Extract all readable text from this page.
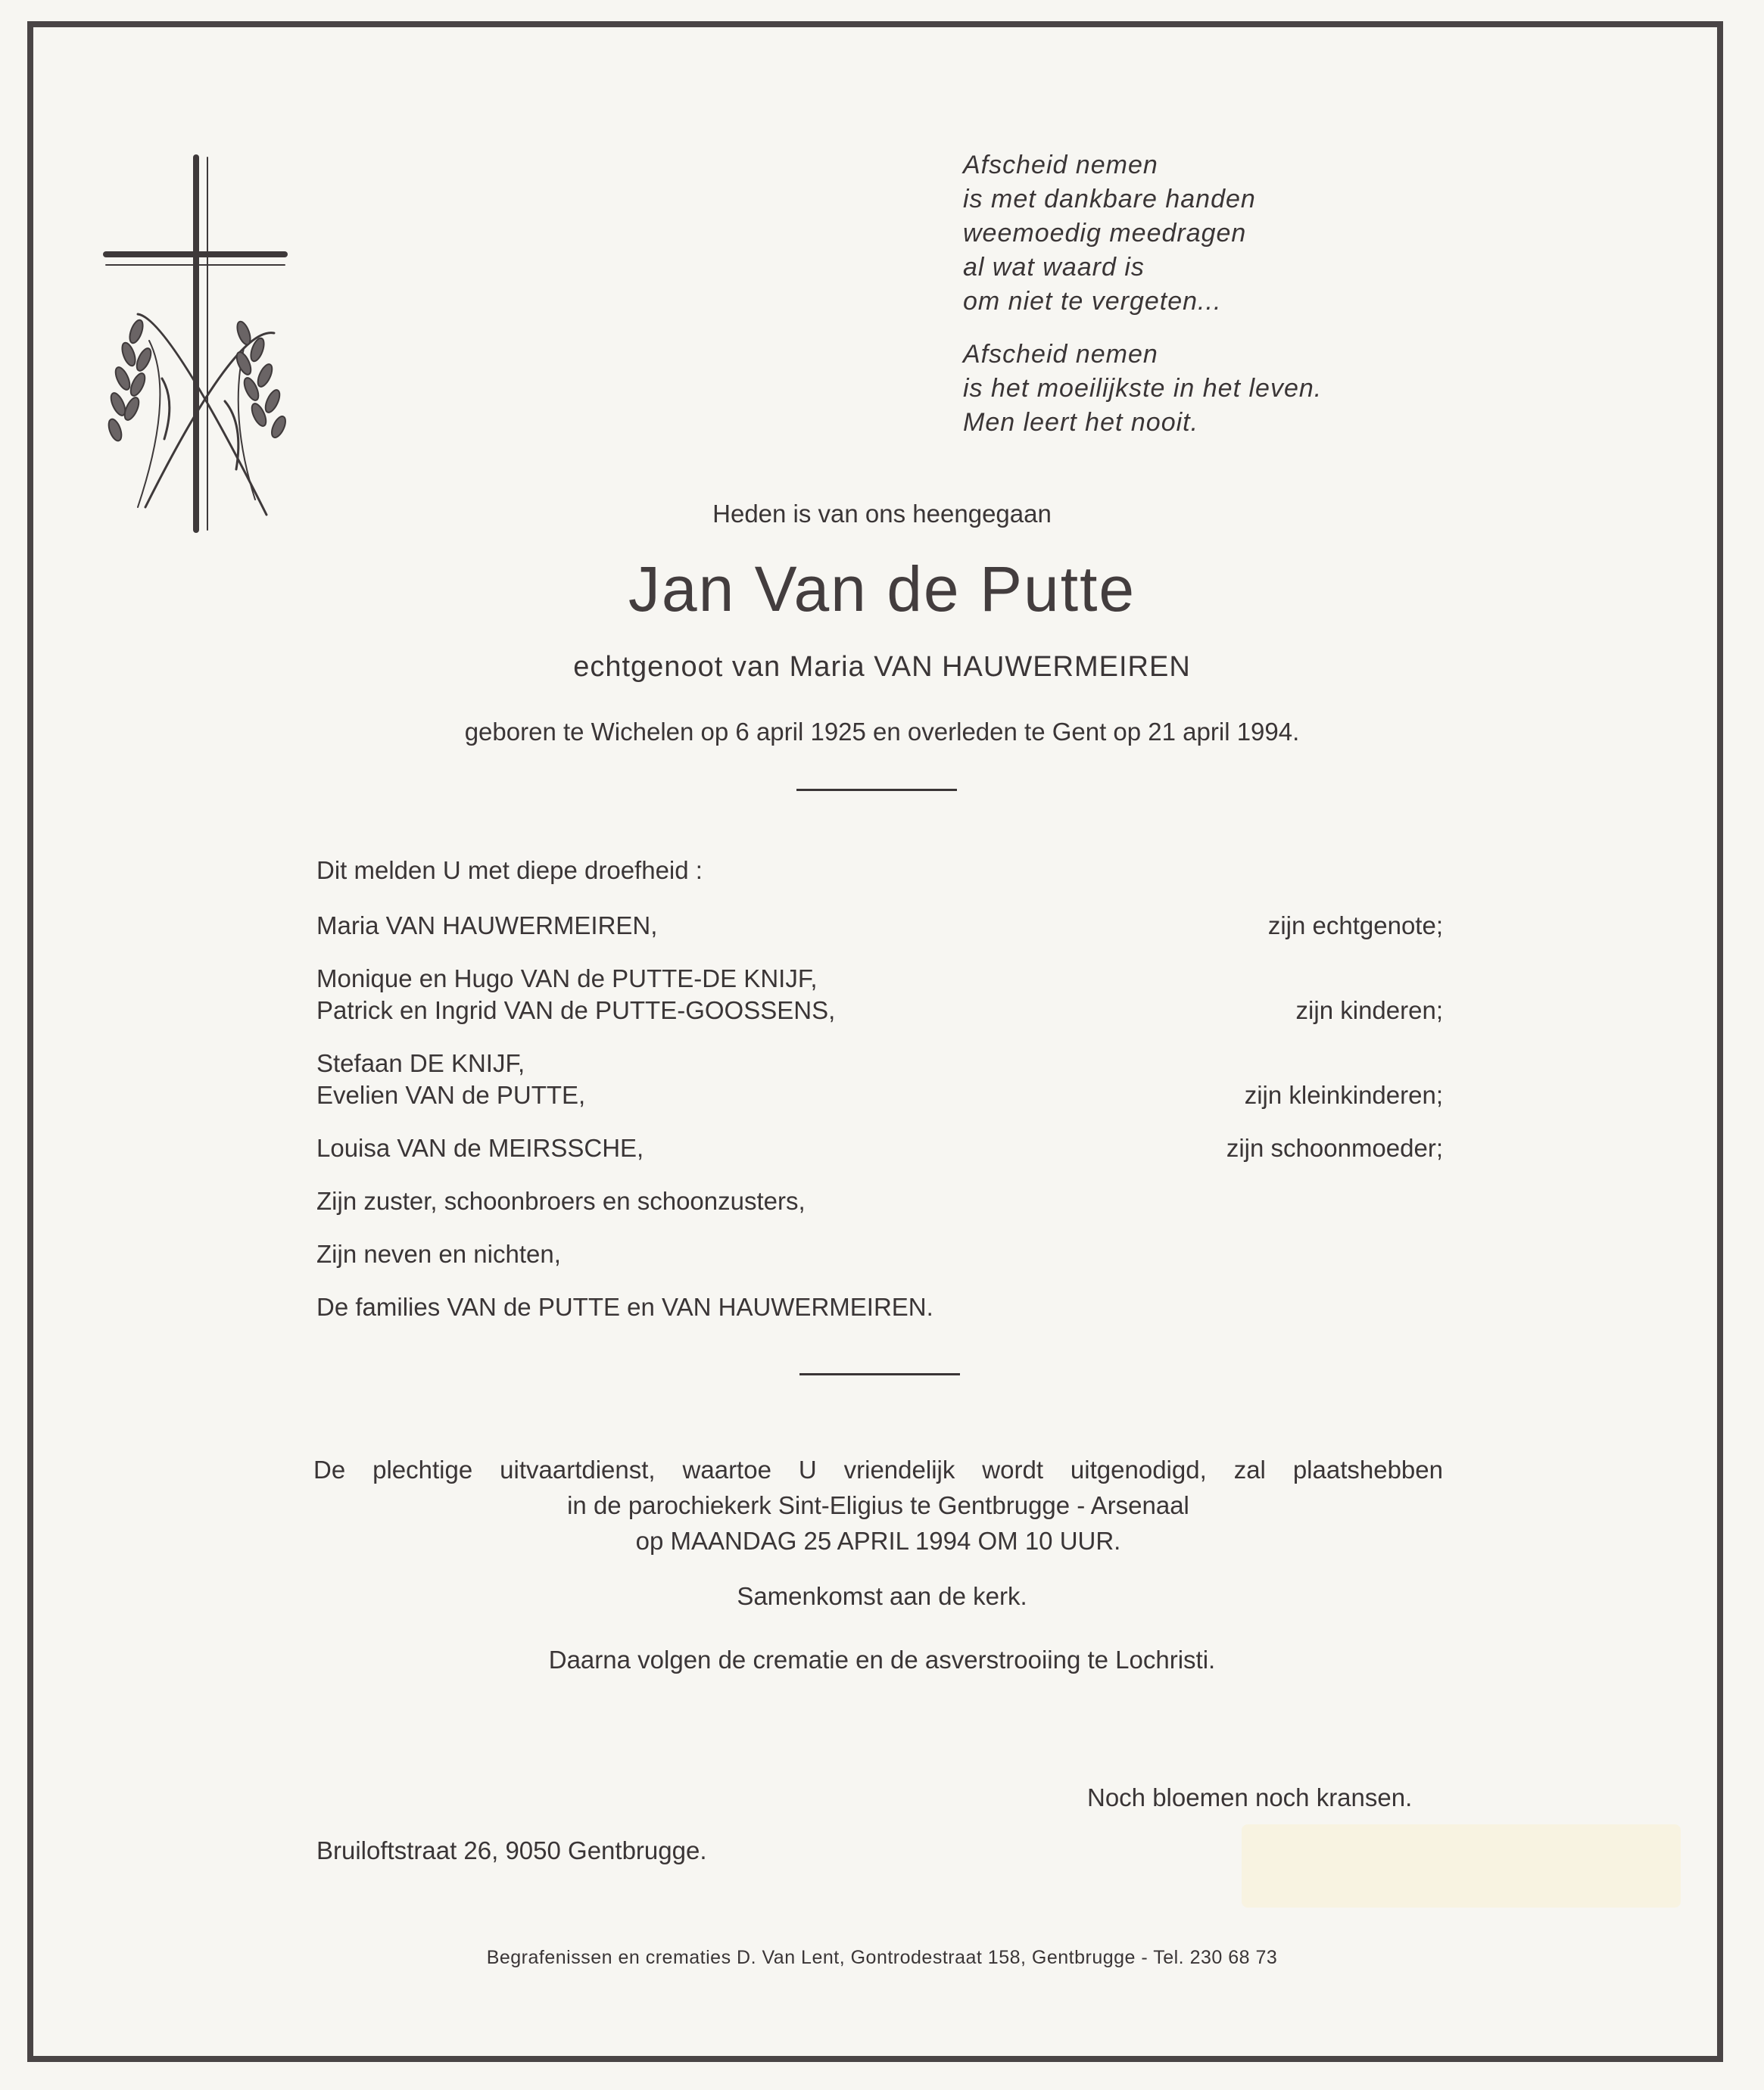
Afscheid nemen
is met dankbare handen
weemoedig meedragen
al wat waard is
om niet te vergeten...
Afscheid nemen
is het moeilijkste in het leven.
Men leert het nooit.
Heden is van ons heengegaan
Jan Van de Putte
echtgenoot van Maria VAN HAUWERMEIREN
geboren te Wichelen op 6 april 1925 en overleden te Gent op 21 april 1994.
Dit melden U met diepe droefheid :
Maria VAN HAUWERMEIREN,	zijn echtgenote;
Monique en Hugo VAN de PUTTE-DE KNIJF,
Patrick en Ingrid VAN de PUTTE-GOOSSENS,	zijn kinderen;
Stefaan DE KNIJF,
Evelien VAN de PUTTE,	zijn kleinkinderen;
Louisa VAN de MEIRSSCHE,	zijn schoonmoeder;
Zijn zuster, schoonbroers en schoonzusters,
Zijn neven en nichten,
De families VAN de PUTTE en VAN HAUWERMEIREN.
De plechtige uitvaartdienst, waartoe U vriendelijk wordt uitgenodigd, zal plaatshebben
in de parochiekerk Sint-Eligius te Gentbrugge - Arsenaal
op MAANDAG 25 APRIL 1994 OM 10 UUR.
Samenkomst aan de kerk.
Daarna volgen de crematie en de asverstrooiing te Lochristi.
Noch bloemen noch kransen.
Bruiloftstraat 26, 9050 Gentbrugge.
Begrafenissen en crematies D. Van Lent, Gontrodestraat 158, Gentbrugge - Tel. 230 68 73
